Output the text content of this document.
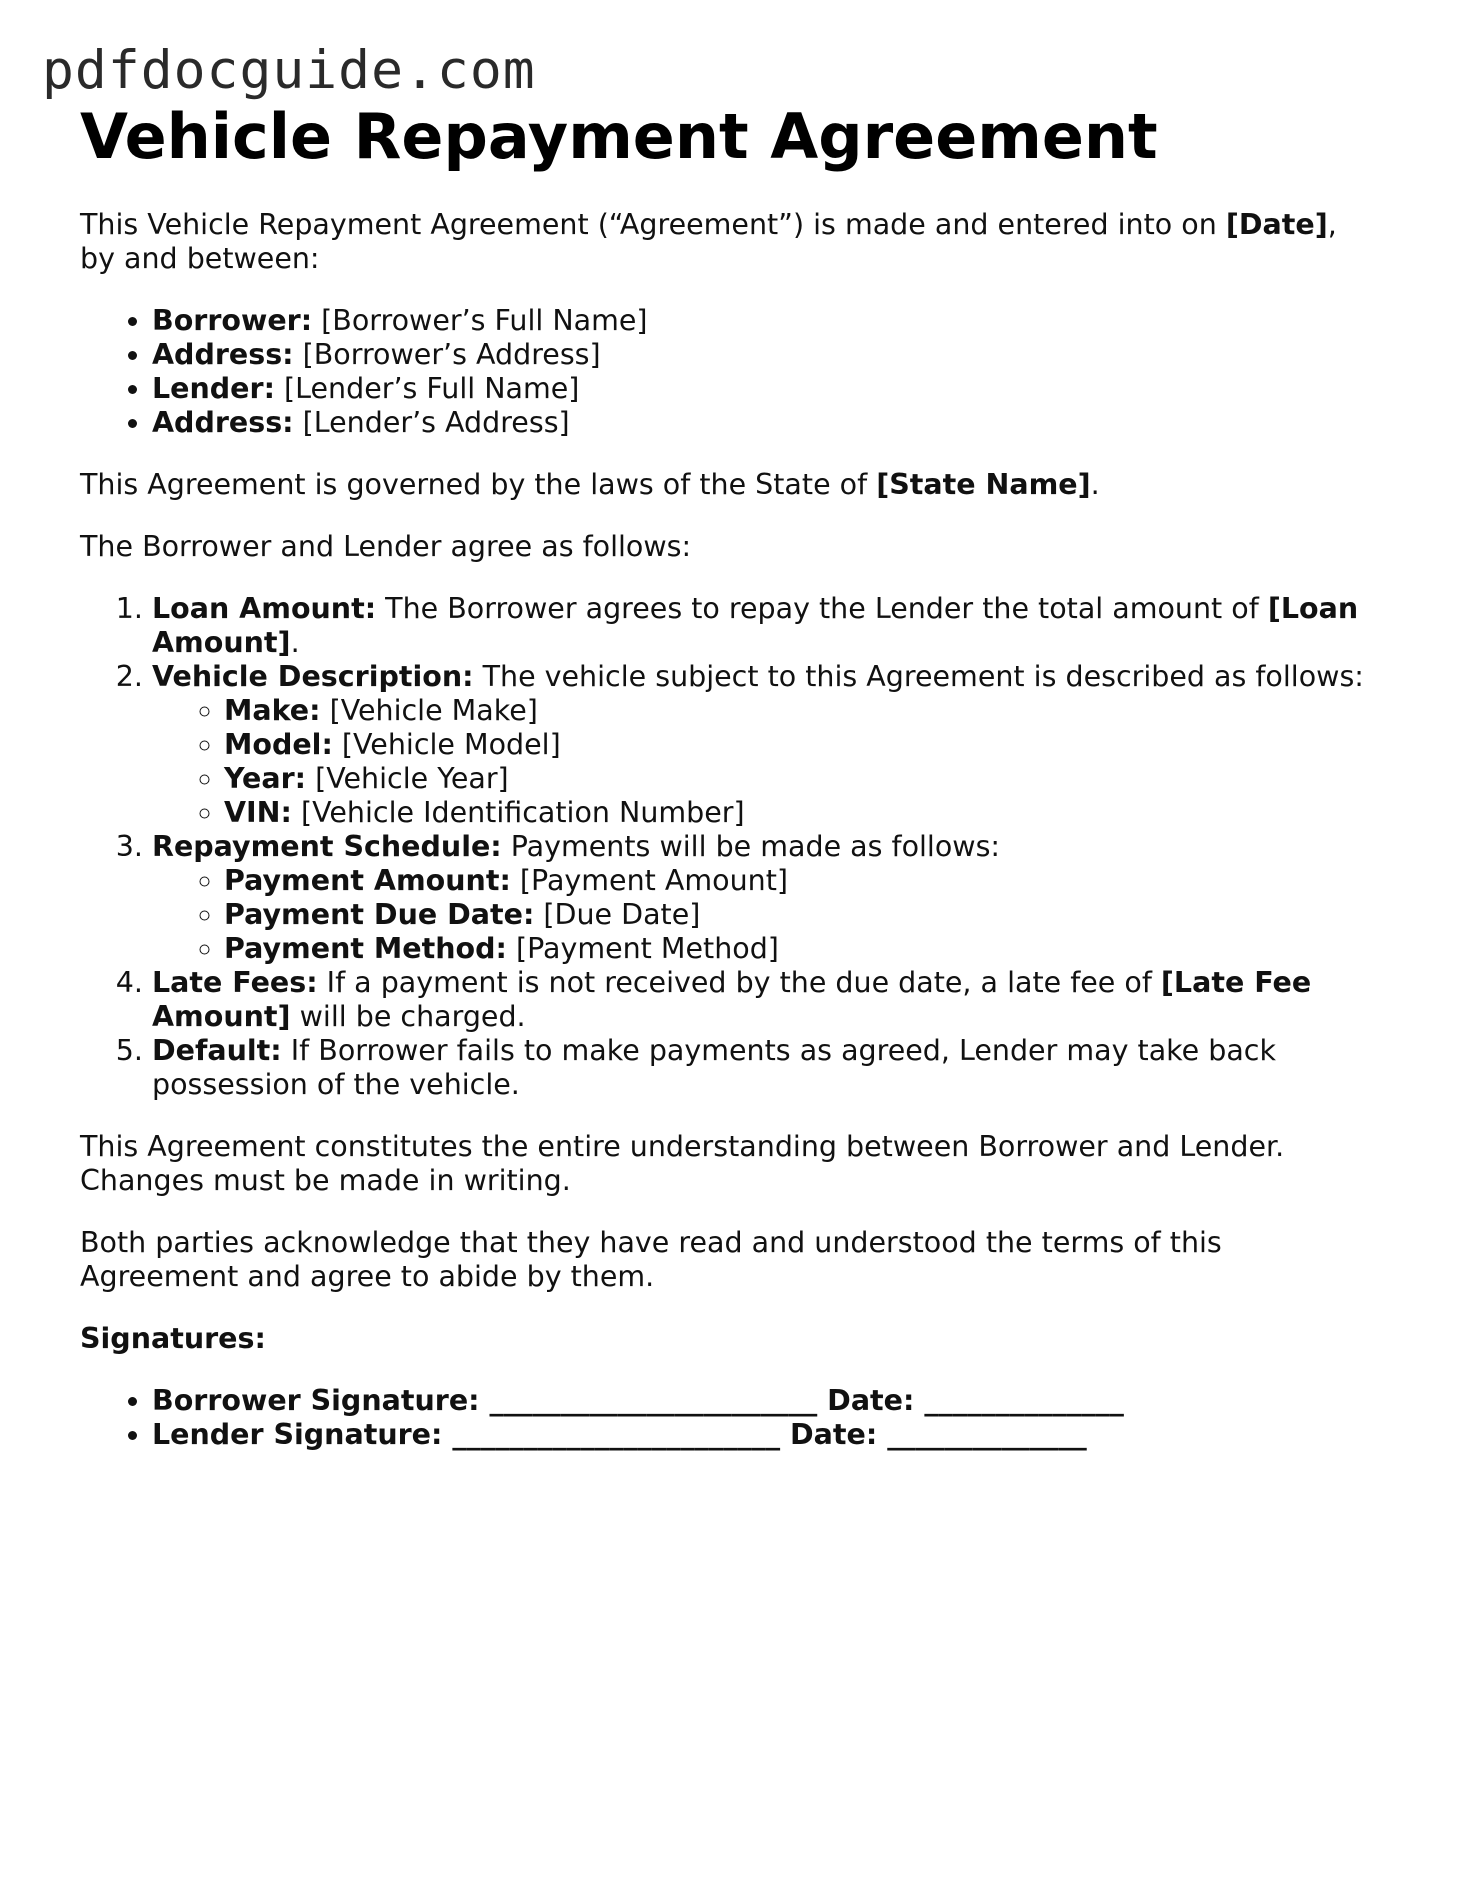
pdfdocguide.com
Vehicle Repayment Agreement

This Vehicle Repayment Agreement (“Agreement”) is made and entered into on [Date], by and between:

• Borrower: [Borrower’s Full Name]
• Address: [Borrower’s Address]
• Lender: [Lender’s Full Name]
• Address: [Lender’s Address]

This Agreement is governed by the laws of the State of [State Name].

The Borrower and Lender agree as follows:

1. Loan Amount: The Borrower agrees to repay the Lender the total amount of [Loan Amount].
2. Vehicle Description: The vehicle subject to this Agreement is described as follows:
◦ Make: [Vehicle Make]
◦ Model: [Vehicle Model]
◦ Year: [Vehicle Year]
◦ VIN: [Vehicle Identification Number]
3. Repayment Schedule: Payments will be made as follows:
◦ Payment Amount: [Payment Amount]
◦ Payment Due Date: [Due Date]
◦ Payment Method: [Payment Method]
4. Late Fees: If a payment is not received by the due date, a late fee of [Late Fee Amount] will be charged.
5. Default: If Borrower fails to make payments as agreed, Lender may take back possession of the vehicle.

This Agreement constitutes the entire understanding between Borrower and Lender. Changes must be made in writing.

Both parties acknowledge that they have read and understood the terms of this Agreement and agree to abide by them.

Signatures:

• Borrower Signature: _______________________ Date: ______________
• Lender Signature: _______________________ Date: ______________
